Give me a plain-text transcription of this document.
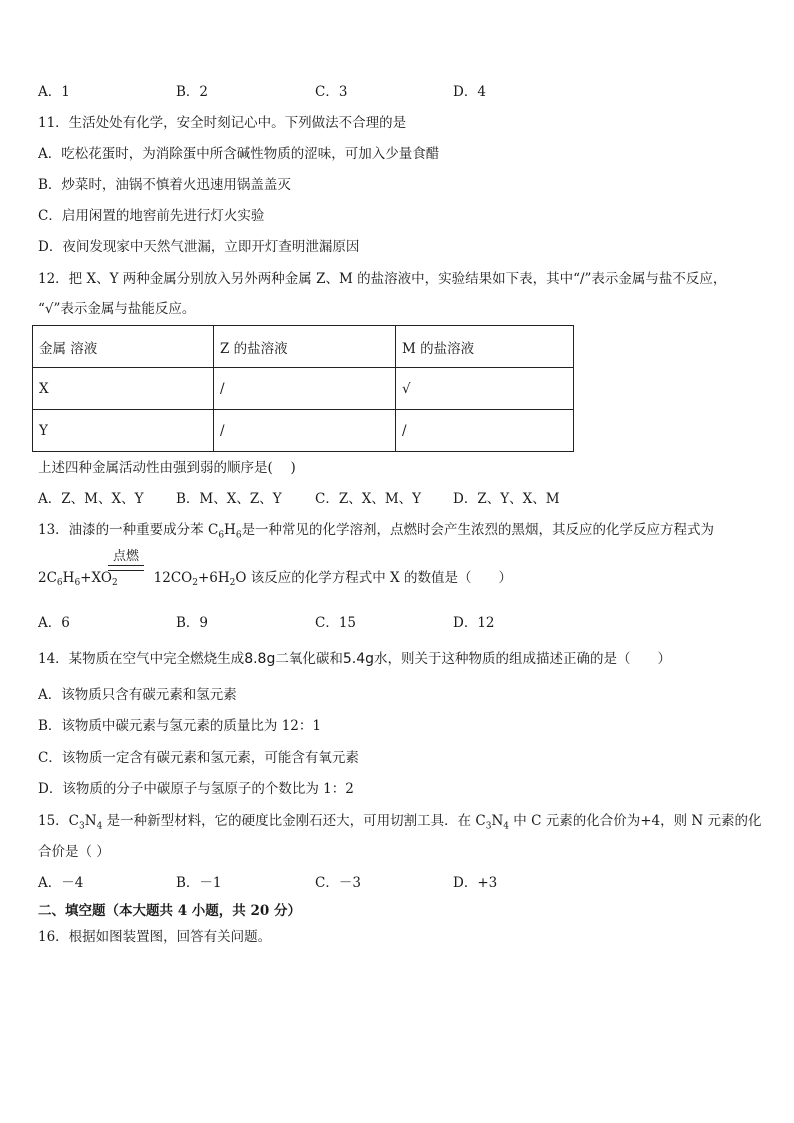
A．1	B．2	C．3	D．4
11．生活处处有化学，安全时刻记心中。下列做法不合理的是
A．吃松花蛋时，为消除蛋中所含碱性物质的涩味，可加入少量食醋
B．炒菜时，油锅不慎着火迅速用锅盖盖灭
C．启用闲置的地窖前先进行灯火实验
D．夜间发现家中天然气泄漏，立即开灯查明泄漏原因
12．把 X、Y 两种金属分别放入另外两种金属 Z、M 的盐溶液中，实验结果如下表，其中“/”表示金属与盐不反应，
“√”表示金属与盐能反应。
金属 溶液	Z 的盐溶液	M 的盐溶液
X	/	√
Y	/	/
上述四种金属活动性由强到弱的顺序是(　 )
A．Z、M、X、Y B．M、X、Z、Y C．Z、X、M、Y D．Z、Y、X、M
13．油漆的一种重要成分苯 $C_6H_6$是一种常见的化学溶剂，点燃时会产生浓烈的黑烟，其反应的化学反应方程式为
点燃
$2C_6H_6+XO_2$	$12CO_2+6H_2O$ 该反应的化学方程式中 X 的数值是（　　）
A．6	B．9	C．15	D．12
14．某物质在空气中完全燃烧生成8.8g二氧化碳和5.4g水，则关于这种物质的组成描述正确的是（　　）
A．该物质只含有碳元素和氢元素
B．该物质中碳元素与氢元素的质量比为 12：1
C．该物质一定含有碳元素和氢元素，可能含有氧元素
D．该物质的分子中碳原子与氢原子的个数比为 1：2
15．$C_3N_4$ 是一种新型材料，它的硬度比金刚石还大，可用切割工具．在 $C_3N_4$ 中 C 元素的化合价为+4，则 N 元素的化
合价是（ ）
A．－4	B．－1	C．－3	D．+3
二、填空题（本大题共 4 小题，共 20 分）
16．根据如图装置图，回答有关问题。
